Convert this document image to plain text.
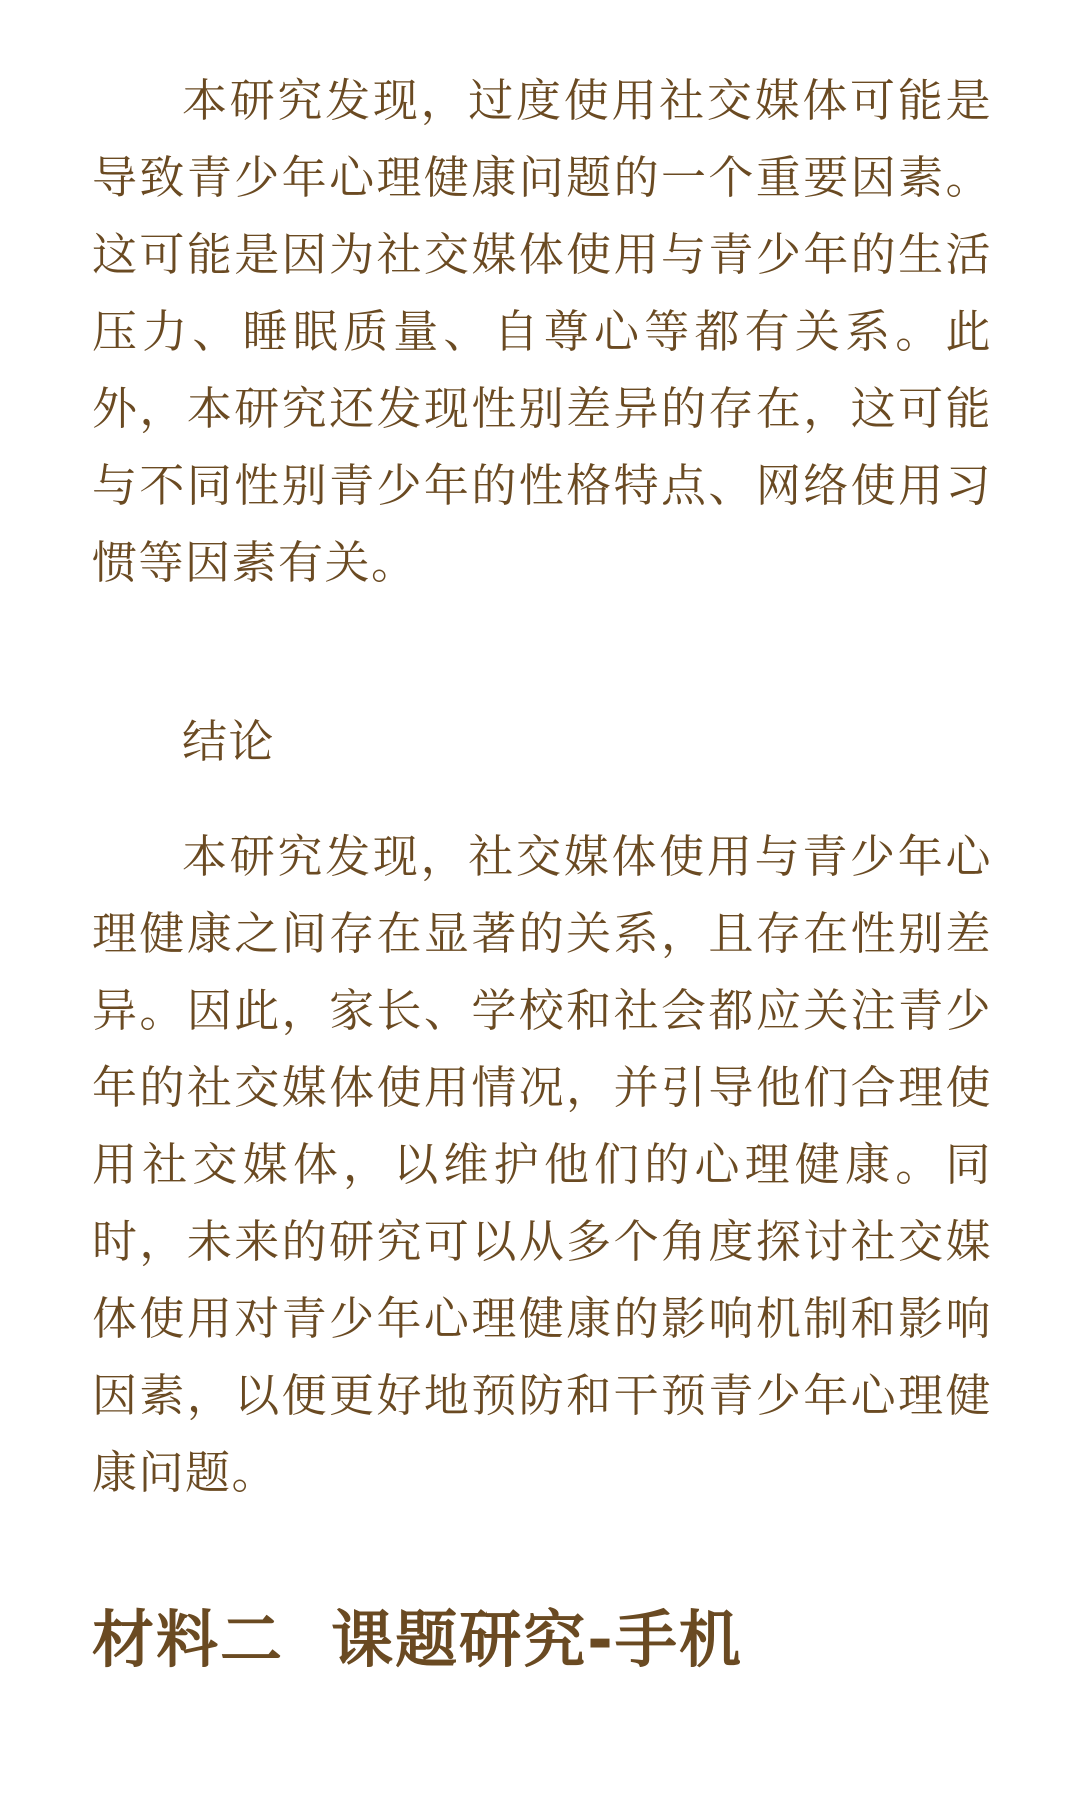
本研究发现，过度使用社交媒体可能是导致青少年心理健康问题的一个重要因素。这可能是因为社交媒体使用与青少年的生活压力、睡眠质量、自尊心等都有关系。此外，本研究还发现性别差异的存在，这可能与不同性别青少年的性格特点、网络使用习惯等因素有关。

结论

本研究发现，社交媒体使用与青少年心理健康之间存在显著的关系，且存在性别差异。因此，家长、学校和社会都应关注青少年的社交媒体使用情况，并引导他们合理使用社交媒体，以维护他们的心理健康。同时，未来的研究可以从多个角度探讨社交媒体使用对青少年心理健康的影响机制和影响因素，以便更好地预防和干预青少年心理健康问题。

材料二  课题研究-手机
